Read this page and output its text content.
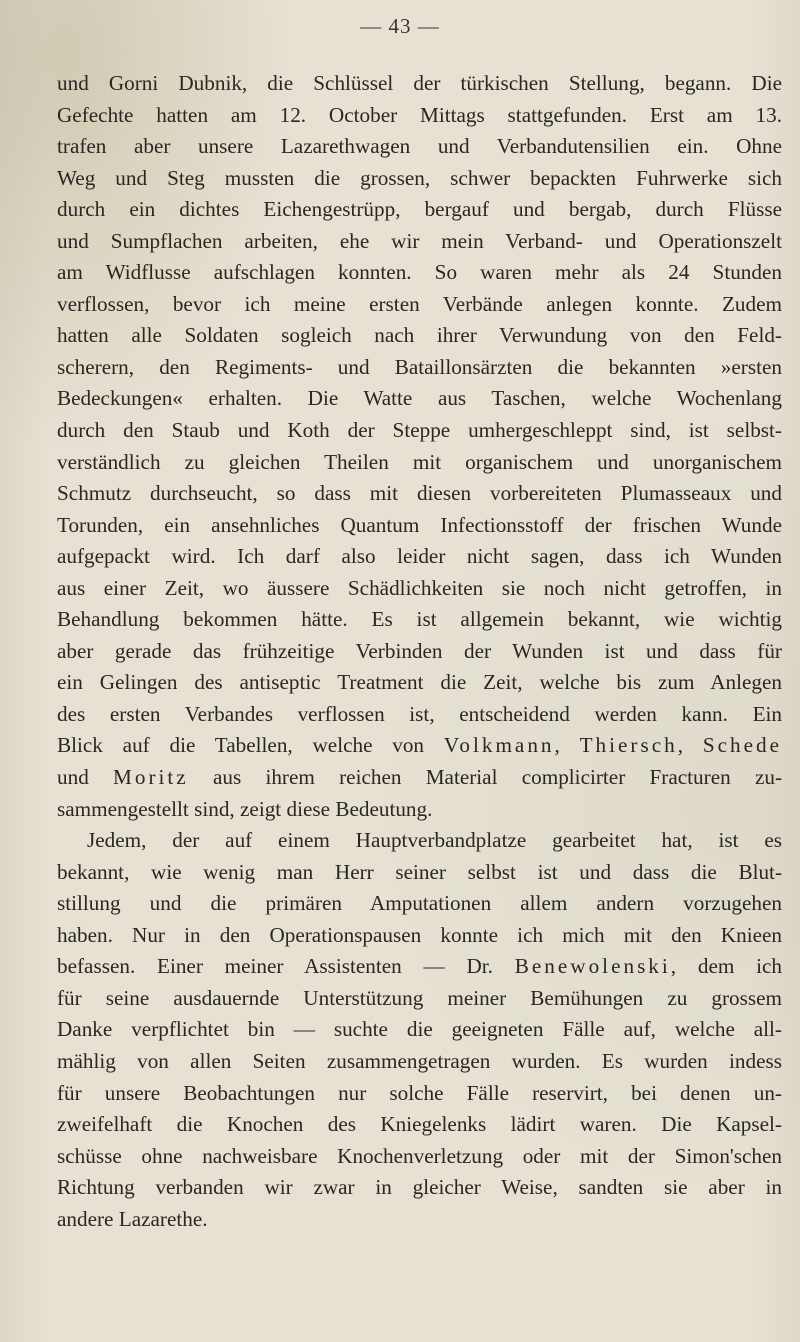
— 43 —
und Gorni Dubnik, die Schlüssel der türkischen Stellung, begann. Die
Gefechte hatten am 12. October Mittags stattgefunden. Erst am 13.
trafen aber unsere Lazarethwagen und Verbandutensilien ein. Ohne
Weg und Steg mussten die grossen, schwer bepackten Fuhrwerke sich
durch ein dichtes Eichengestrüpp, bergauf und bergab, durch Flüsse
und Sumpflachen arbeiten, ehe wir mein Verband- und Operationszelt
am Widflusse aufschlagen konnten. So waren mehr als 24 Stunden
verflossen, bevor ich meine ersten Verbände anlegen konnte. Zudem
hatten alle Soldaten sogleich nach ihrer Verwundung von den Feld-
scherern, den Regiments- und Bataillonsärzten die bekannten »ersten
Bedeckungen« erhalten. Die Watte aus Taschen, welche Wochenlang
durch den Staub und Koth der Steppe umhergeschleppt sind, ist selbst-
verständlich zu gleichen Theilen mit organischem und unorganischem
Schmutz durchseucht, so dass mit diesen vorbereiteten Plumasseaux und
Torunden, ein ansehnliches Quantum Infectionsstoff der frischen Wunde
aufgepackt wird. Ich darf also leider nicht sagen, dass ich Wunden
aus einer Zeit, wo äussere Schädlichkeiten sie noch nicht getroffen, in
Behandlung bekommen hätte. Es ist allgemein bekannt, wie wichtig
aber gerade das frühzeitige Verbinden der Wunden ist und dass für
ein Gelingen des antiseptic Treatment die Zeit, welche bis zum Anlegen
des ersten Verbandes verflossen ist, entscheidend werden kann. Ein
Blick auf die Tabellen, welche von Volkmann, Thiersch, Schede
und Moritz aus ihrem reichen Material complicirter Fracturen zu-
sammengestellt sind, zeigt diese Bedeutung.
Jedem, der auf einem Hauptverbandplatze gearbeitet hat, ist es
bekannt, wie wenig man Herr seiner selbst ist und dass die Blut-
stillung und die primären Amputationen allem andern vorzugehen
haben. Nur in den Operationspausen konnte ich mich mit den Knieen
befassen. Einer meiner Assistenten — Dr. Benewolenski, dem ich
für seine ausdauernde Unterstützung meiner Bemühungen zu grossem
Danke verpflichtet bin — suchte die geeigneten Fälle auf, welche all-
mählig von allen Seiten zusammengetragen wurden. Es wurden indess
für unsere Beobachtungen nur solche Fälle reservirt, bei denen un-
zweifelhaft die Knochen des Kniegelenks lädirt waren. Die Kapsel-
schüsse ohne nachweisbare Knochenverletzung oder mit der Simon'schen
Richtung verbanden wir zwar in gleicher Weise, sandten sie aber in
andere Lazarethe.
